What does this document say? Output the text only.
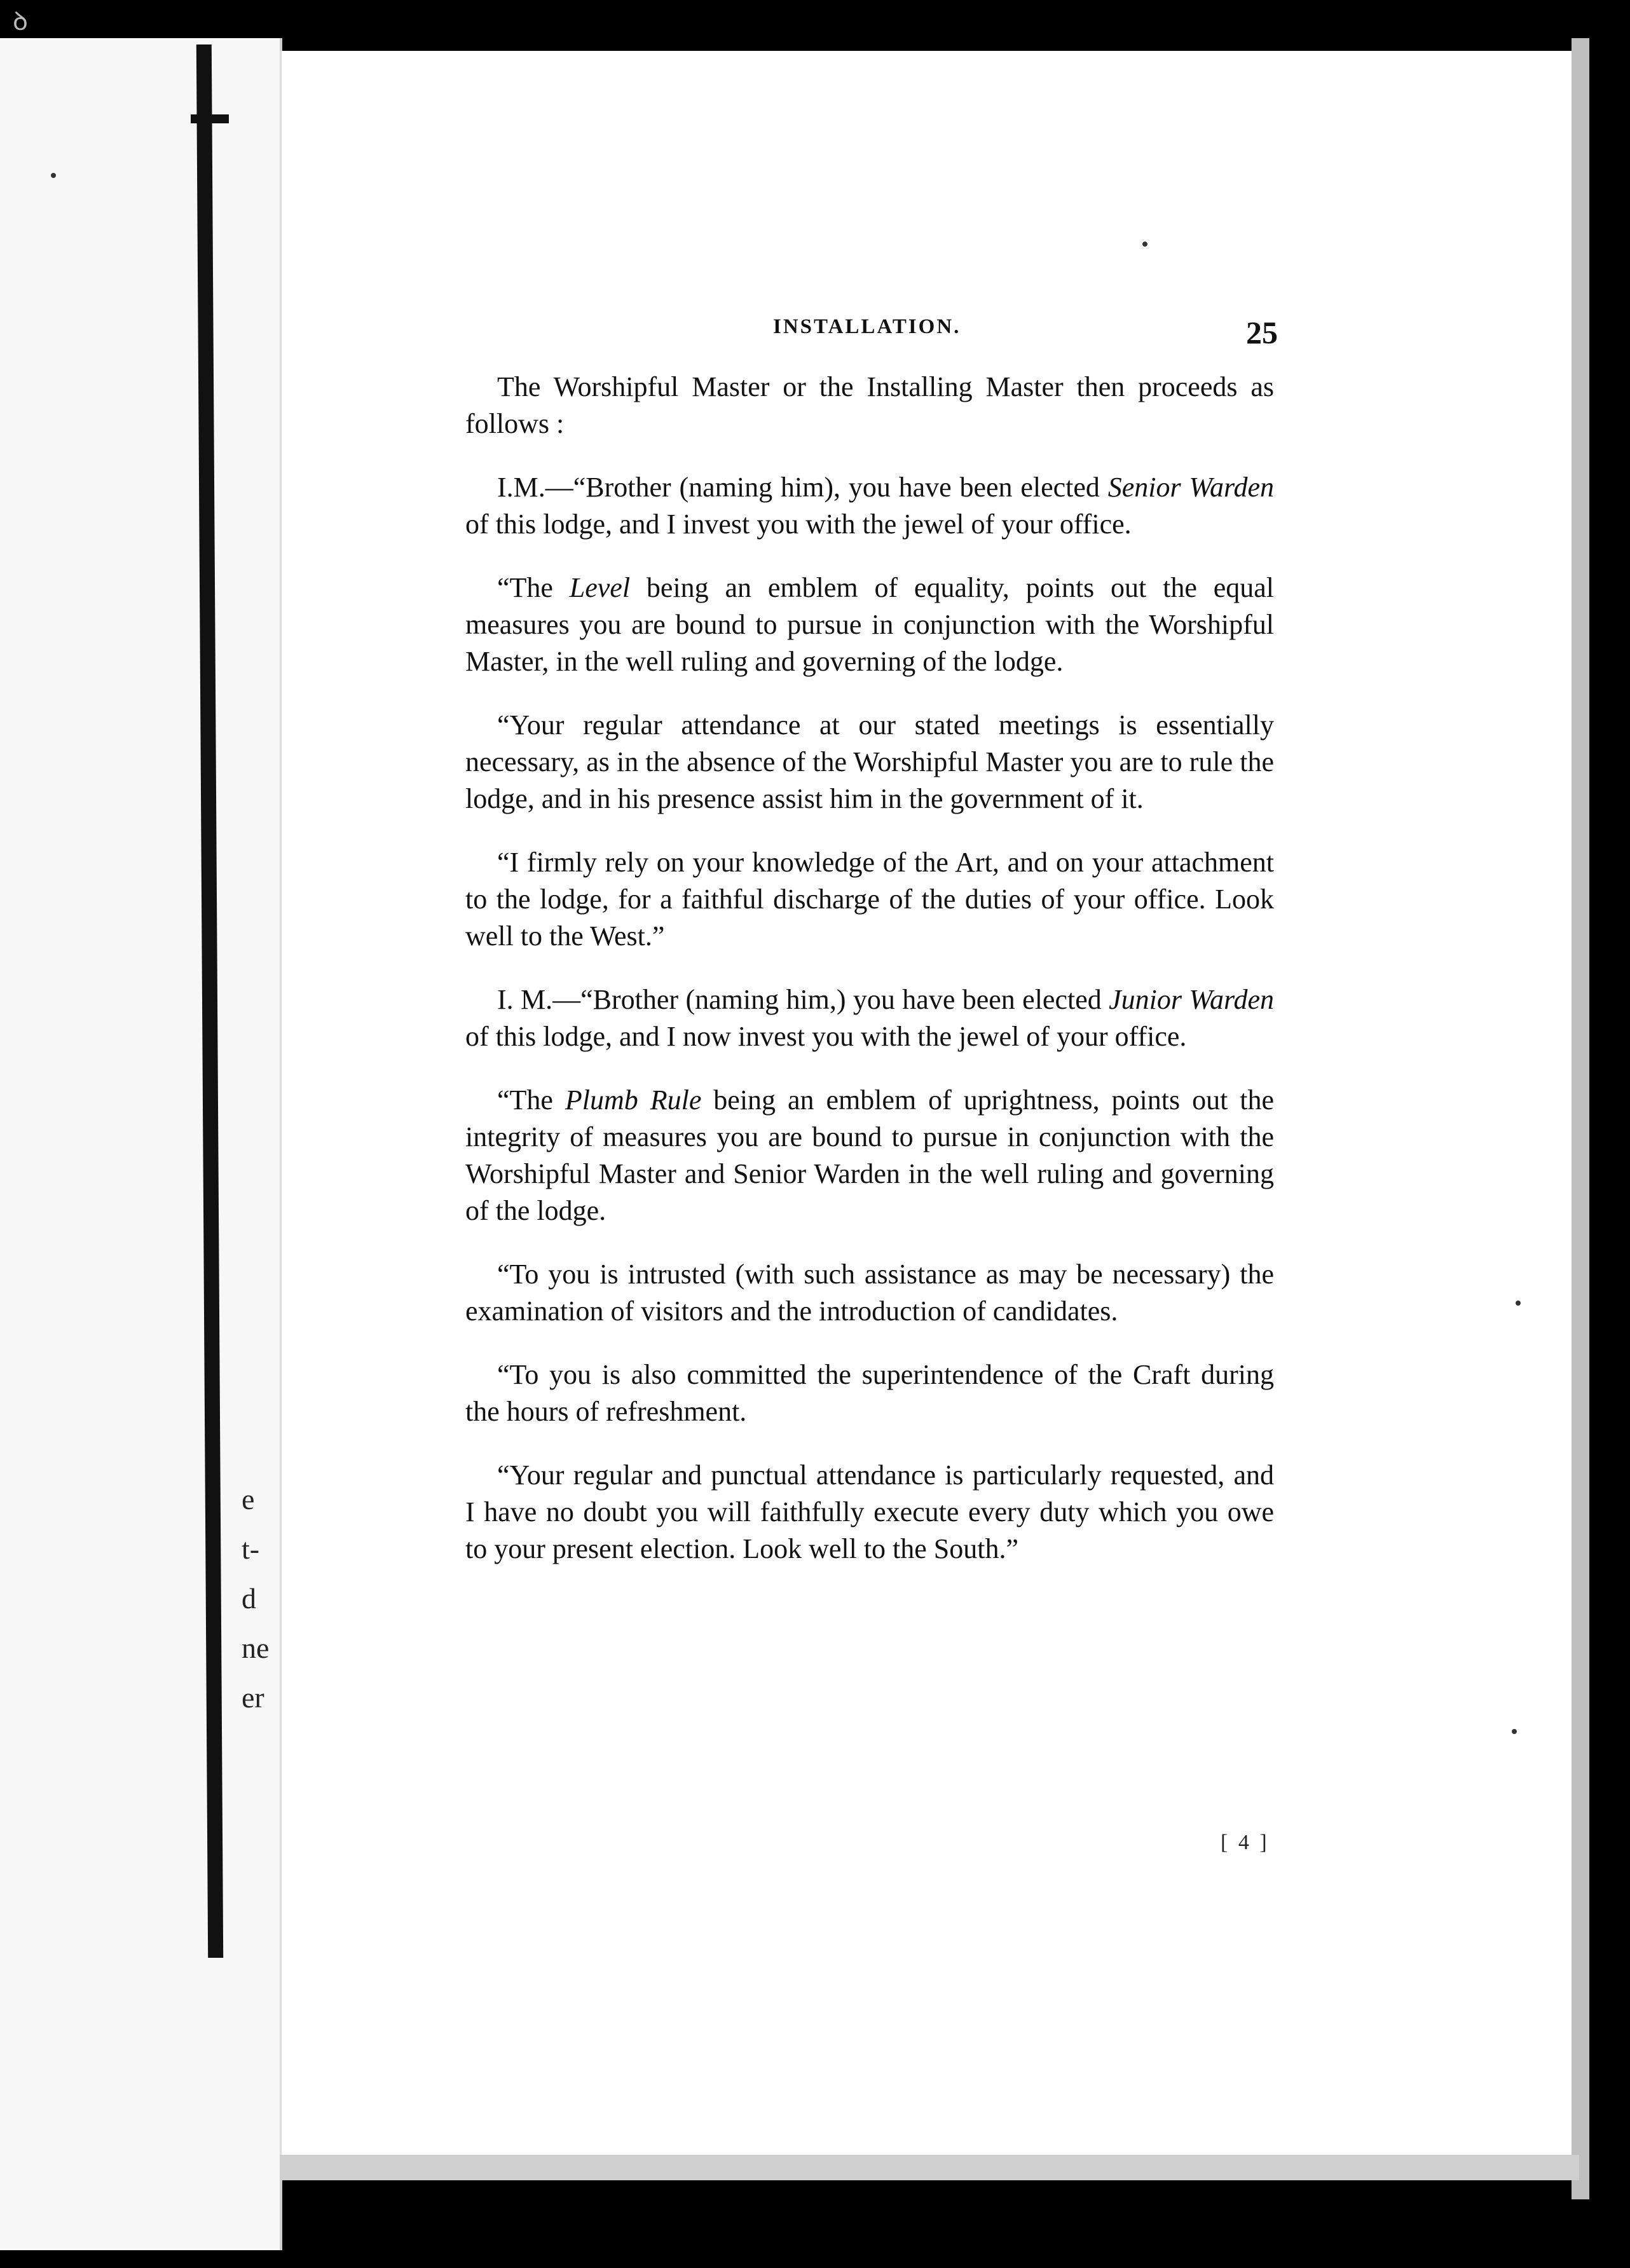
ꝺ
e
t-
d
ne
er
INSTALLATION.	25

The Worshipful Master or the Installing Master then proceeds as follows :

I.M.—“Brother (naming him), you have been elected Senior Warden of this lodge, and I invest you with the jewel of your office.

“The Level being an emblem of equality, points out the equal measures you are bound to pursue in conjunction with the Worshipful Master, in the well ruling and governing of the lodge.

“Your regular attendance at our stated meetings is essentially necessary, as in the absence of the Worshipful Master you are to rule the lodge, and in his presence assist him in the government of it.

“I firmly rely on your knowledge of the Art, and on your attachment to the lodge, for a faithful discharge of the duties of your office. Look well to the West.”

I. M.—“Brother (naming him,) you have been elected Junior Warden of this lodge, and I now invest you with the jewel of your office.

“The Plumb Rule being an emblem of uprightness, points out the integrity of measures you are bound to pursue in conjunction with the Worshipful Master and Senior Warden in the well ruling and governing of the lodge.

“To you is intrusted (with such assistance as may be necessary) the examination of visitors and the introduction of candidates.

“To you is also committed the superintendence of the Craft during the hours of refreshment.

“Your regular and punctual attendance is particularly requested, and I have no doubt you will faithfully execute every duty which you owe to your present election. Look well to the South.”

[ 4 ]
